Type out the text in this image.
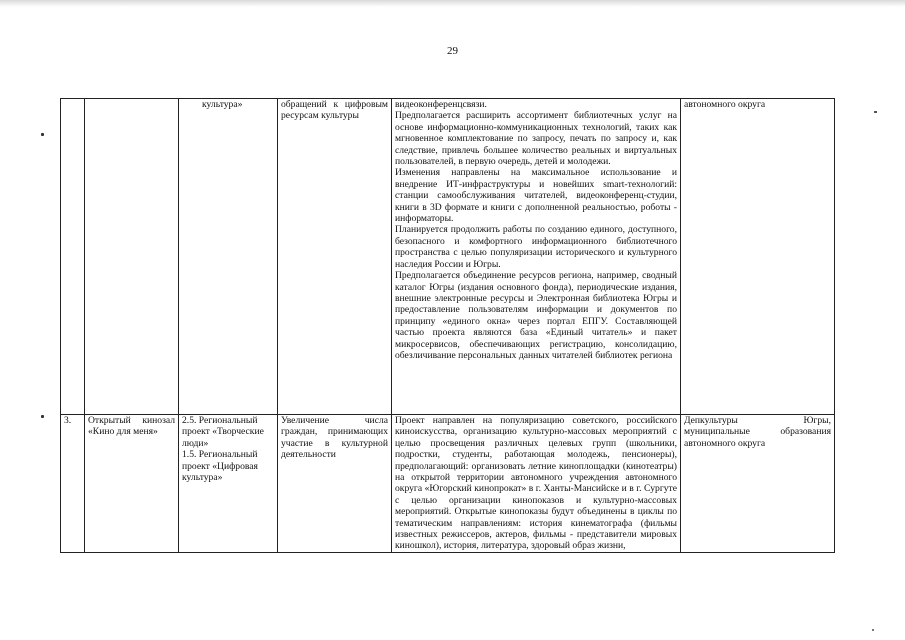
29

		культура»	обращений к цифровым ресурсам культуры	видеоконференцсвязи.
Предполагается расширить ассортимент библиотечных услуг на основе информационно-коммуникационных технологий, таких как мгновенное комплектование по запросу, печать по запросу и, как следствие, привлечь большее количество реальных и виртуальных пользователей, в первую очередь, детей и молодежи.
Изменения направлены на максимальное использование и внедрение ИТ-инфраструктуры и новейших smart-технологий: станции самообслуживания читателей, видеоконференц-студии, книги в 3D формате и книги с дополненной реальностью, роботы - информаторы.
Планируется продолжить работы по созданию единого, доступного, безопасного и комфортного информационного библиотечного пространства с целью популяризации исторического и культурного наследия России и Югры.
Предполагается объединение ресурсов региона, например, сводный каталог Югры (издания основного фонда), периодические издания, внешние электронные ресурсы и Электронная библиотека Югры и предоставление пользователям информации и документов по принципу «единого окна» через портал ЕПГУ. Составляющей частью проекта являются база «Единый читатель» и пакет микросервисов, обеспечивающих регистрацию, консолидацию, обезличивание персональных данных читателей библиотек региона	автономного округа
3.	Открытый кинозал «Кино для меня»	2.5. Региональный проект «Творческие люди»
1.5. Региональный проект «Цифровая культура»	Увеличение числа граждан, принимающих участие в культурной деятельности	Проект направлен на популяризацию советского, российского киноискусства, организацию культурно-массовых мероприятий с целью просвещения различных целевых групп (школьники, подростки, студенты, работающая молодежь, пенсионеры), предполагающий: организовать летние киноплощадки (кинотеатры) на открытой территории автономного учреждения автономного округа «Югорский кинопрокат» в г. Ханты-Мансийске и в г. Сургуте с целью организации кинопоказов и культурно-массовых мероприятий. Открытые кинопоказы будут объединены в циклы по тематическим направлениям: история кинематографа (фильмы известных режиссеров, актеров, фильмы - представители мировых киношкол), история, литература, здоровый образ жизни,	Депкультуры Югры, муниципальные образования автономного округа
